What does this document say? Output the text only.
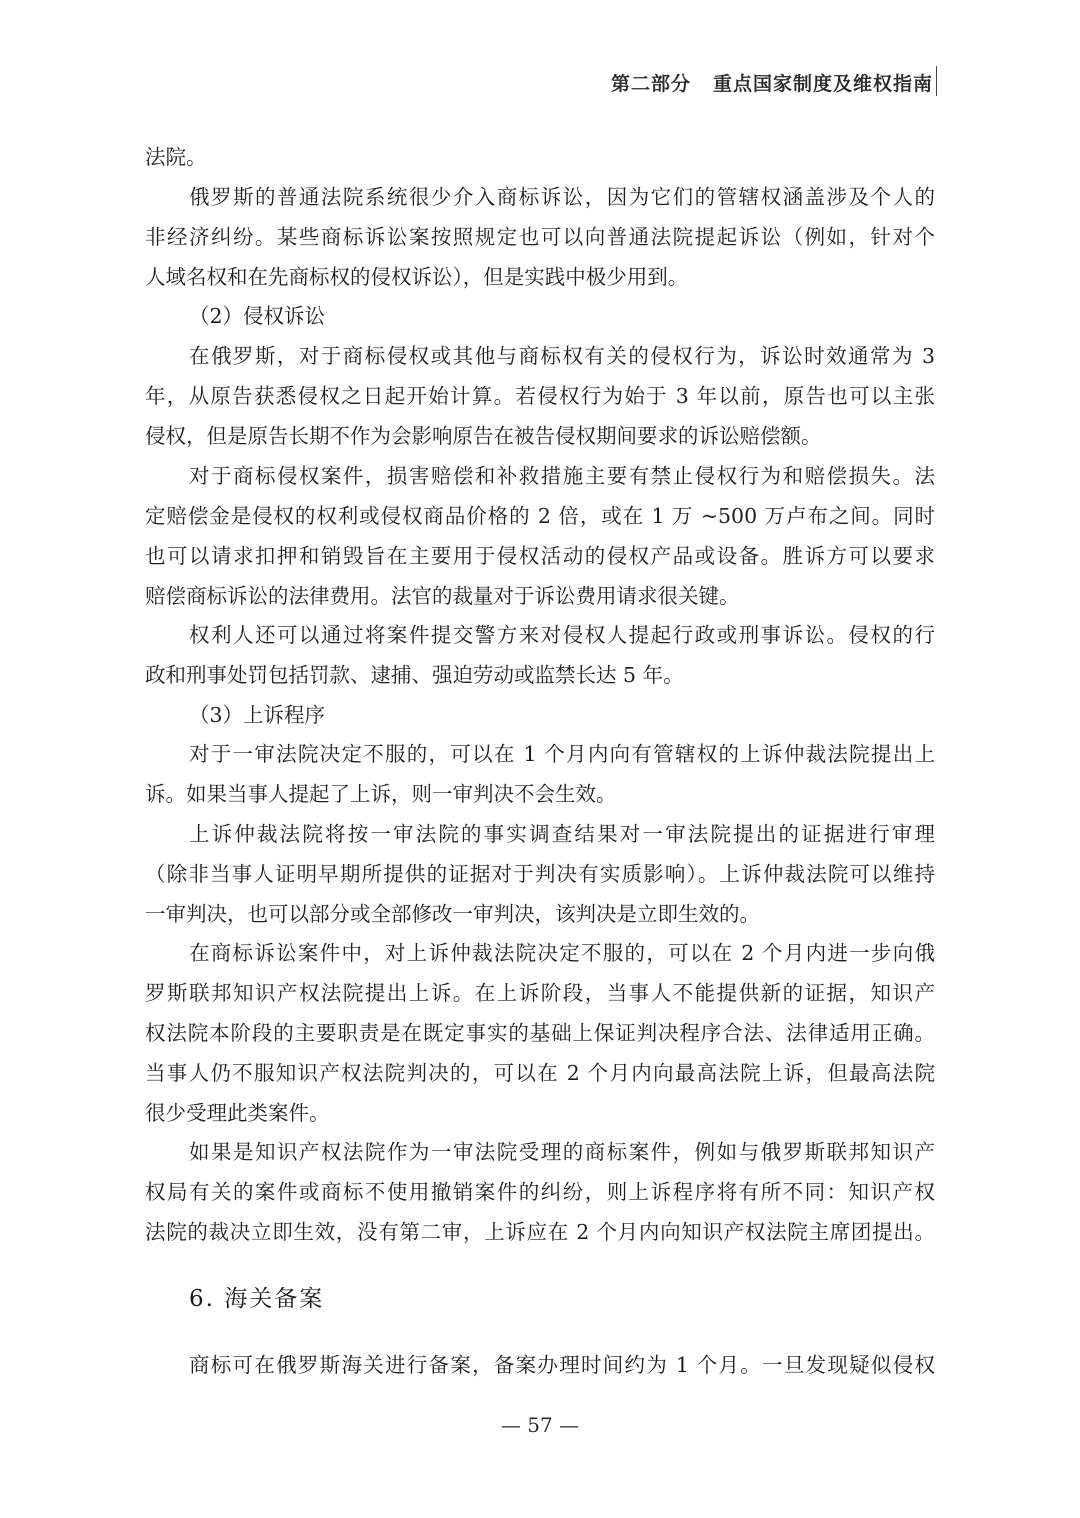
第二部分 重点国家制度及维权指南
法院。
俄罗斯的普通法院系统很少介入商标诉讼，因为它们的管辖权涵盖涉及个人的
非经济纠纷。某些商标诉讼案按照规定也可以向普通法院提起诉讼（例如，针对个
人域名权和在先商标权的侵权诉讼），但是实践中极少用到。
（2）侵权诉讼
在俄罗斯，对于商标侵权或其他与商标权有关的侵权行为，诉讼时效通常为 3
年，从原告获悉侵权之日起开始计算。若侵权行为始于 3 年以前，原告也可以主张
侵权，但是原告长期不作为会影响原告在被告侵权期间要求的诉讼赔偿额。
对于商标侵权案件，损害赔偿和补救措施主要有禁止侵权行为和赔偿损失。法
定赔偿金是侵权的权利或侵权商品价格的 2 倍，或在 1 万 ~500 万卢布之间。同时
也可以请求扣押和销毁旨在主要用于侵权活动的侵权产品或设备。胜诉方可以要求
赔偿商标诉讼的法律费用。法官的裁量对于诉讼费用请求很关键。
权利人还可以通过将案件提交警方来对侵权人提起行政或刑事诉讼。侵权的行
政和刑事处罚包括罚款、逮捕、强迫劳动或监禁长达 5 年。
（3）上诉程序
对于一审法院决定不服的，可以在 1 个月内向有管辖权的上诉仲裁法院提出上
诉。如果当事人提起了上诉，则一审判决不会生效。
上诉仲裁法院将按一审法院的事实调查结果对一审法院提出的证据进行审理
（除非当事人证明早期所提供的证据对于判决有实质影响）。上诉仲裁法院可以维持
一审判决，也可以部分或全部修改一审判决，该判决是立即生效的。
在商标诉讼案件中，对上诉仲裁法院决定不服的，可以在 2 个月内进一步向俄
罗斯联邦知识产权法院提出上诉。在上诉阶段，当事人不能提供新的证据，知识产
权法院本阶段的主要职责是在既定事实的基础上保证判决程序合法、法律适用正确。
当事人仍不服知识产权法院判决的，可以在 2 个月内向最高法院上诉，但最高法院
很少受理此类案件。
如果是知识产权法院作为一审法院受理的商标案件，例如与俄罗斯联邦知识产
权局有关的案件或商标不使用撤销案件的纠纷，则上诉程序将有所不同：知识产权
法院的裁决立即生效，没有第二审，上诉应在 2 个月内向知识产权法院主席团提出。
6. 海关备案
商标可在俄罗斯海关进行备案，备案办理时间约为 1 个月。一旦发现疑似侵权
— 57 —
